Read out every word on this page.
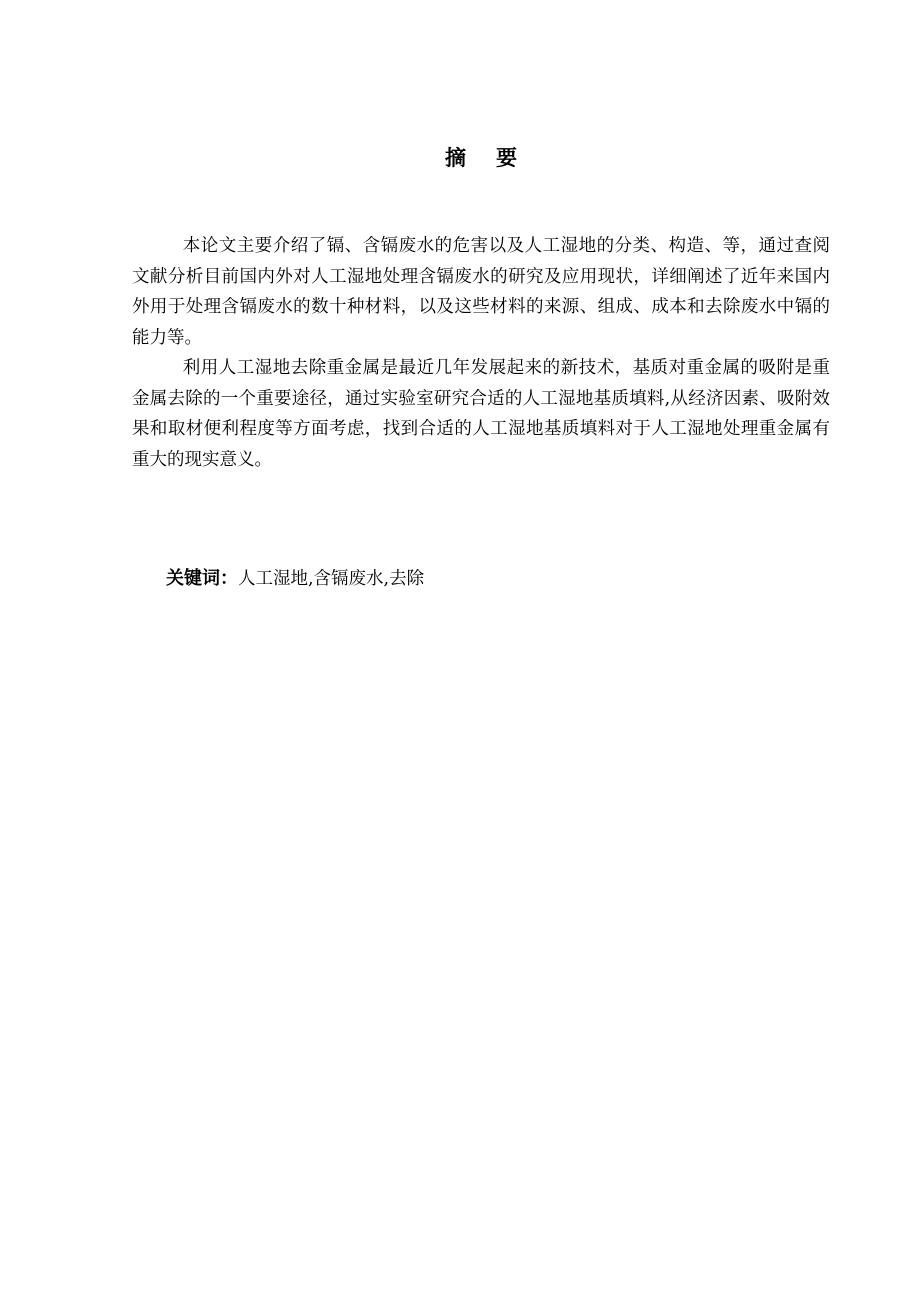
摘 要

本论文主要介绍了镉、含镉废水的危害以及人工湿地的分类、构造、等，通过查阅文献分析目前国内外对人工湿地处理含镉废水的研究及应用现状，详细阐述了近年来国内外用于处理含镉废水的数十种材料，以及这些材料的来源、组成、成本和去除废水中镉的能力等。

利用人工湿地去除重金属是最近几年发展起来的新技术，基质对重金属的吸附是重金属去除的一个重要途径，通过实验室研究合适的人工湿地基质填料,从经济因素、吸附效果和取材便利程度等方面考虑，找到合适的人工湿地基质填料对于人工湿地处理重金属有重大的现实意义。

关键词：人工湿地,含镉废水,去除
